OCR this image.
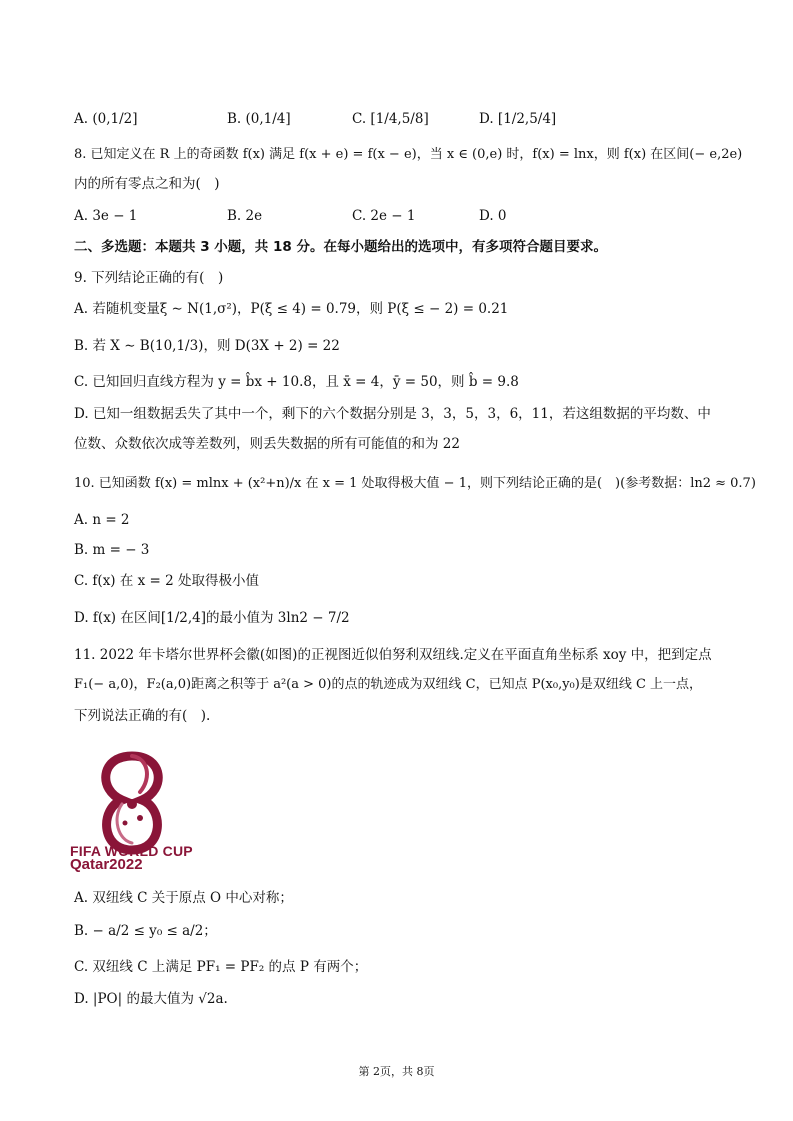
A. (0,1/2]	B. (0,1/4]	C. [1/4,5/8]	D. [1/2,5/4]
8. 已知定义在 R 上的奇函数 f(x) 满足 f(x + e) = f(x − e)，当 x ∈ (0,e) 时，f(x) = lnx，则 f(x) 在区间(− e,2e)
内的所有零点之和为(　)
A. 3e − 1	B. 2e	C. 2e − 1	D. 0
二、多选题：本题共 3 小题，共 18 分。在每小题给出的选项中，有多项符合题目要求。
9. 下列结论正确的有(　)
A. 若随机变量ξ ∼ N(1,σ²)，P(ξ ≤ 4) = 0.79，则 P(ξ ≤ − 2) = 0.21
B. 若 X ∼ B(10,1/3)，则 D(3X + 2) = 22
C. 已知回归直线方程为 y = b̂x + 10.8，且 x̄ = 4，ȳ = 50，则 b̂ = 9.8
D. 已知一组数据丢失了其中一个，剩下的六个数据分别是 3，3，5，3，6，11，若这组数据的平均数、中
位数、众数依次成等差数列，则丢失数据的所有可能值的和为 22
10. 已知函数 f(x) = mlnx + (x²+n)/x 在 x = 1 处取得极大值 − 1，则下列结论正确的是(　)(参考数据：ln2 ≈ 0.7)
A. n = 2
B. m = − 3
C. f(x) 在 x = 2 处取得极小值
D. f(x) 在区间[1/2,4]的最小值为 3ln2 − 7/2
11. 2022 年卡塔尔世界杯会徽(如图)的正视图近似伯努利双纽线.定义在平面直角坐标系 xoy 中，把到定点
F₁(− a,0)，F₂(a,0)距离之积等于 a²(a > 0)的点的轨迹成为双纽线 C，已知点 P(x₀,y₀)是双纽线 C 上一点，
下列说法正确的有(　).
FIFA WORLD CUP
Qatar2022
A. 双纽线 C 关于原点 O 中心对称；
B. − a/2 ≤ y₀ ≤ a/2；
C. 双纽线 C 上满足 PF₁ = PF₂ 的点 P 有两个；
D. |PO| 的最大值为 √2a.
第 2页，共 8页
